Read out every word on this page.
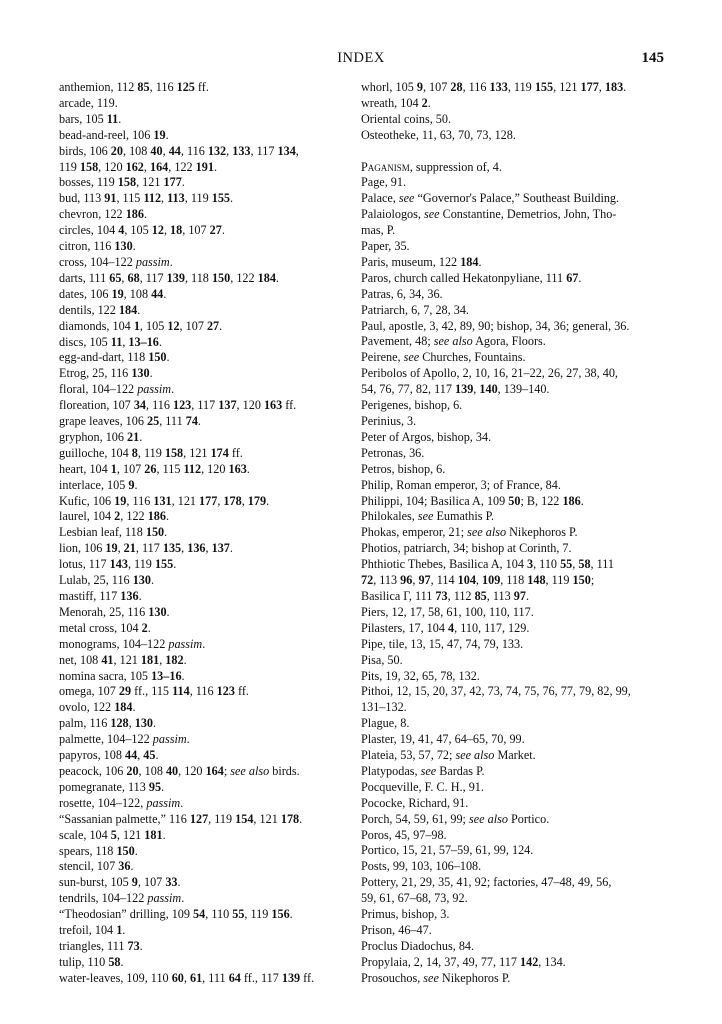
INDEX	145
anthemion, 112 85, 116 125 ff.
arcade, 119.
bars, 105 11.
bead-and-reel, 106 19.
birds, 106 20, 108 40, 44, 116 132, 133, 117 134,
119 158, 120 162, 164, 122 191.
bosses, 119 158, 121 177.
bud, 113 91, 115 112, 113, 119 155.
chevron, 122 186.
circles, 104 4, 105 12, 18, 107 27.
citron, 116 130.
cross, 104–122 passim.
darts, 111 65, 68, 117 139, 118 150, 122 184.
dates, 106 19, 108 44.
dentils, 122 184.
diamonds, 104 1, 105 12, 107 27.
discs, 105 11, 13–16.
egg-and-dart, 118 150.
Etrog, 25, 116 130.
floral, 104–122 passim.
floreation, 107 34, 116 123, 117 137, 120 163 ff.
grape leaves, 106 25, 111 74.
gryphon, 106 21.
guilloche, 104 8, 119 158, 121 174 ff.
heart, 104 1, 107 26, 115 112, 120 163.
interlace, 105 9.
Kufic, 106 19, 116 131, 121 177, 178, 179.
laurel, 104 2, 122 186.
Lesbian leaf, 118 150.
lion, 106 19, 21, 117 135, 136, 137.
lotus, 117 143, 119 155.
Lulab, 25, 116 130.
mastiff, 117 136.
Menorah, 25, 116 130.
metal cross, 104 2.
monograms, 104–122 passim.
net, 108 41, 121 181, 182.
nomina sacra, 105 13–16.
omega, 107 29 ff., 115 114, 116 123 ff.
ovolo, 122 184.
palm, 116 128, 130.
palmette, 104–122 passim.
papyros, 108 44, 45.
peacock, 106 20, 108 40, 120 164; see also birds.
pomegranate, 113 95.
rosette, 104–122, passim.
“Sassanian palmette,” 116 127, 119 154, 121 178.
scale, 104 5, 121 181.
spears, 118 150.
stencil, 107 36.
sun-burst, 105 9, 107 33.
tendrils, 104–122 passim.
“Theodosian” drilling, 109 54, 110 55, 119 156.
trefoil, 104 1.
triangles, 111 73.
tulip, 110 58.
water-leaves, 109, 110 60, 61, 111 64 ff., 117 139 ff.
whorl, 105 9, 107 28, 116 133, 119 155, 121 177, 183.
wreath, 104 2.
Oriental coins, 50.
Osteotheke, 11, 63, 70, 73, 128.
Paganism, suppression of, 4.
Page, 91.
Palace, see “Governor's Palace,” Southeast Building.
Palaiologos, see Constantine, Demetrios, John, Tho-
mas, P.
Paper, 35.
Paris, museum, 122 184.
Paros, church called Hekatonpyliane, 111 67.
Patras, 6, 34, 36.
Patriarch, 6, 7, 28, 34.
Paul, apostle, 3, 42, 89, 90; bishop, 34, 36; general, 36.
Pavement, 48; see also Agora, Floors.
Peirene, see Churches, Fountains.
Peribolos of Apollo, 2, 10, 16, 21–22, 26, 27, 38, 40,
54, 76, 77, 82, 117 139, 140, 139–140.
Perigenes, bishop, 6.
Perinius, 3.
Peter of Argos, bishop, 34.
Petronas, 36.
Petros, bishop, 6.
Philip, Roman emperor, 3; of France, 84.
Philippi, 104; Basilica A, 109 50; B, 122 186.
Philokales, see Eumathis P.
Phokas, emperor, 21; see also Nikephoros P.
Photios, patriarch, 34; bishop at Corinth, 7.
Phthiotic Thebes, Basilica A, 104 3, 110 55, 58, 111
72, 113 96, 97, 114 104, 109, 118 148, 119 150;
Basilica Γ, 111 73, 112 85, 113 97.
Piers, 12, 17, 58, 61, 100, 110, 117.
Pilasters, 17, 104 4, 110, 117, 129.
Pipe, tile, 13, 15, 47, 74, 79, 133.
Pisa, 50.
Pits, 19, 32, 65, 78, 132.
Pithoi, 12, 15, 20, 37, 42, 73, 74, 75, 76, 77, 79, 82, 99,
131–132.
Plague, 8.
Plaster, 19, 41, 47, 64–65, 70, 99.
Plateia, 53, 57, 72; see also Market.
Platypodas, see Bardas P.
Pocqueville, F. C. H., 91.
Pococke, Richard, 91.
Porch, 54, 59, 61, 99; see also Portico.
Poros, 45, 97–98.
Portico, 15, 21, 57–59, 61, 99, 124.
Posts, 99, 103, 106–108.
Pottery, 21, 29, 35, 41, 92; factories, 47–48, 49, 56,
59, 61, 67–68, 73, 92.
Primus, bishop, 3.
Prison, 46–47.
Proclus Diadochus, 84.
Propylaia, 2, 14, 37, 49, 77, 117 142, 134.
Prosouchos, see Nikephoros P.
